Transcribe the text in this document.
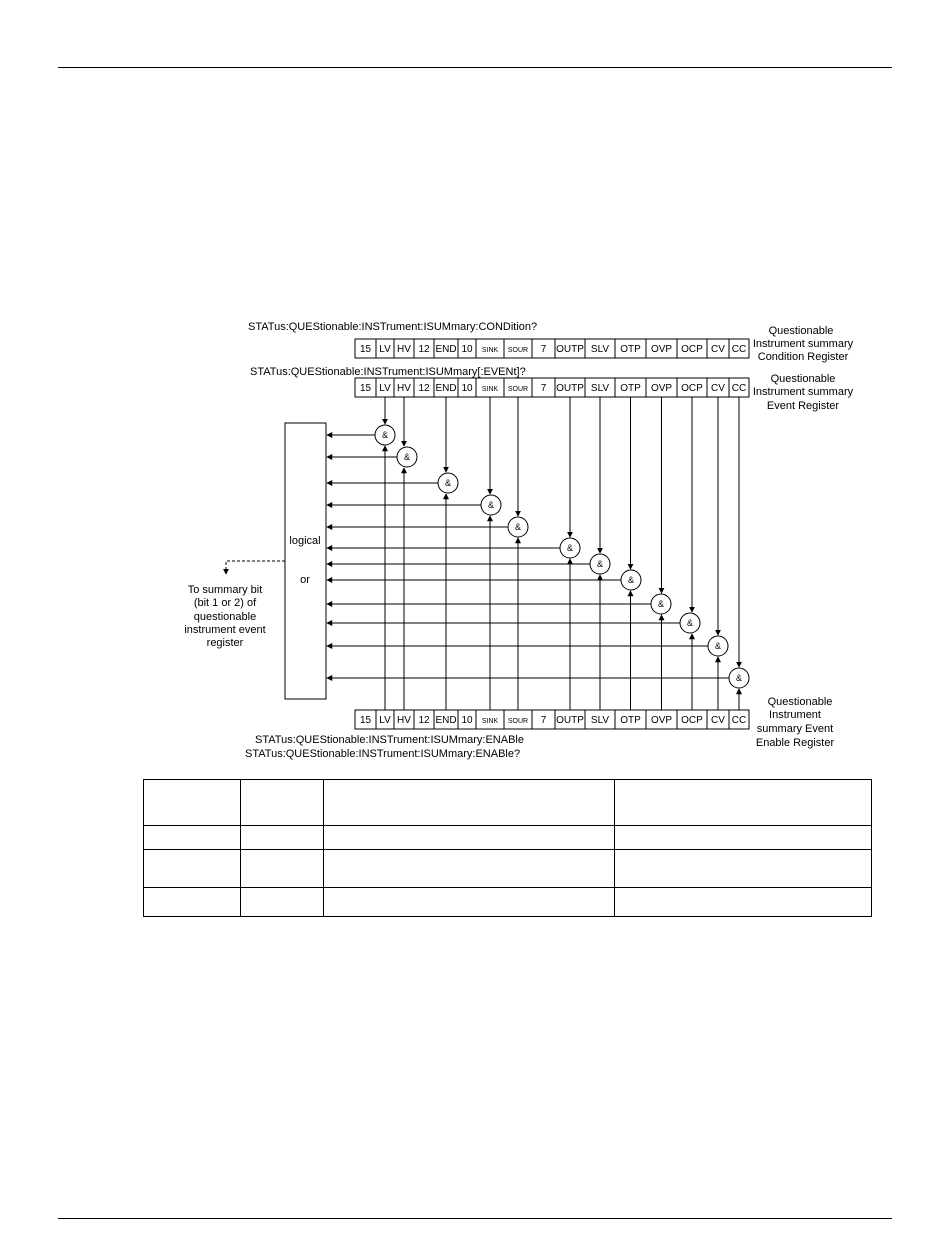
STATus:QUEStionable:INSTrument:ISUMmary:CONDition?
STATus:QUEStionable:INSTrument:ISUMmary[:EVENt]?
STATus:QUEStionable:INSTrument:ISUMmary:ENABle
STATus:QUEStionable:INSTrument:ISUMmary:ENABle?
Questionable
Instrument summary
Condition Register
Questionable
Instrument summary
Event Register
Questionable
Instrument
summary Event
Enable Register
15 LV HV 12 END 10 SINK SOUR 7 OUTP SLV OTP OVP OCP CV CC
15 LV HV 12 END 10 SINK SOUR 7 OUTP SLV OTP OVP OCP CV CC
15 LV HV 12 END 10 SINK SOUR 7 OUTP SLV OTP OVP OCP CV CC
&
&
&
&
&
&
&
&
&
&
&
&
logical
or
To summary bit
(bit 1 or 2) of
questionable
instrument event
register
